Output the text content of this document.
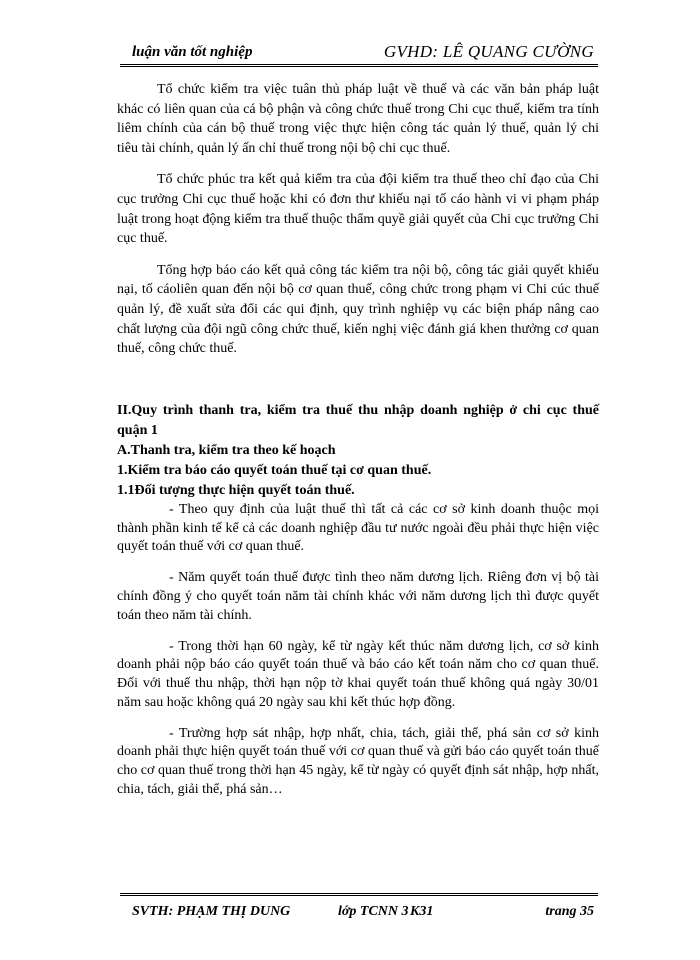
luận văn tốt nghiệp	GVHD: LÊ QUANG CƯỜNG

Tổ chức kiểm tra việc tuân thủ pháp luật về thuế và các văn bản pháp luật khác có liên quan của cá bộ phận và công chức thuế trong Chi cục thuế, kiểm tra tính liêm chính của cán bộ thuế trong việc thực hiện công tác quản lý thuế, quản lý chi tiêu tài chính, quản lý ấn chỉ thuế trong nội bộ chi cục thuế.

Tổ chức phúc tra kết quả kiểm tra của đội kiểm tra thuế theo chỉ đạo của Chi cục trưởng Chi cục thuế hoặc khi có đơn thư khiếu nại tố cáo hành vi vi phạm pháp luật trong hoạt động kiểm tra thuế thuộc thẩm quyề giải quyết của Chi cục trưởng Chi cục thuế.

Tổng hợp báo cáo kết quả công tác kiểm tra nội bộ, công tác giải quyết khiếu nại, tố cáoliên quan đến nội bộ cơ quan thuế, công chức trong phạm vi Chi cúc thuế quản lý, đề xuất sửa đổi các qui định, quy trình nghiệp vụ các biện pháp nâng cao chất lượng của đội ngũ công chức thuế, kiến nghị việc đánh giá khen thưởng cơ quan thuế, công chức thuế.

II.Quy trình thanh tra, kiểm tra thuế thu nhập doanh nghiệp ở chi cục thuế quận 1
A.Thanh tra, kiểm tra theo kế hoạch
1.Kiểm tra báo cáo quyết toán thuế tại cơ quan thuế.
1.1Đối tượng thực hiện quyết toán thuế.

- Theo quy định của luật thuế thì tất cả các cơ sở kinh doanh thuộc mọi thành phần kinh tế kể cả các doanh nghiệp đầu tư nước ngoài đều phải thực hiện việc quyết toán thuế với cơ quan thuế.

- Năm quyết toán thuế được tình theo năm dương lịch. Riêng đơn vị bộ tài chính đồng ý cho quyết toán năm tài chính khác với năm dương lịch thì được quyết toán theo năm tài chính.

- Trong thời hạn 60 ngày, kể từ ngày kết thúc năm dương lịch, cơ sở kinh doanh phải nộp báo cáo quyết toán thuế và báo cáo kết toán năm cho cơ quan thuế. Đối với thuế thu nhập, thời hạn nộp tờ khai quyết toán thuế không quá ngày 30/01 năm sau hoặc không quá 20 ngày sau khi kết thúc hợp đồng.

- Trường hợp sát nhập, hợp nhất, chia, tách, giải thể, phá sản cơ sở kinh doanh phải thực hiện quyết toán thuế với cơ quan thuế và gửi báo cáo quyết toán thuế cho cơ quan thuế trong thời hạn 45 ngày, kể từ ngày có quyết định sát nhập, hợp nhất, chia, tách, giải thể, phá sản…

SVTH: PHẠM THỊ DUNG	lớp TCNN 3 K31	trang 35
